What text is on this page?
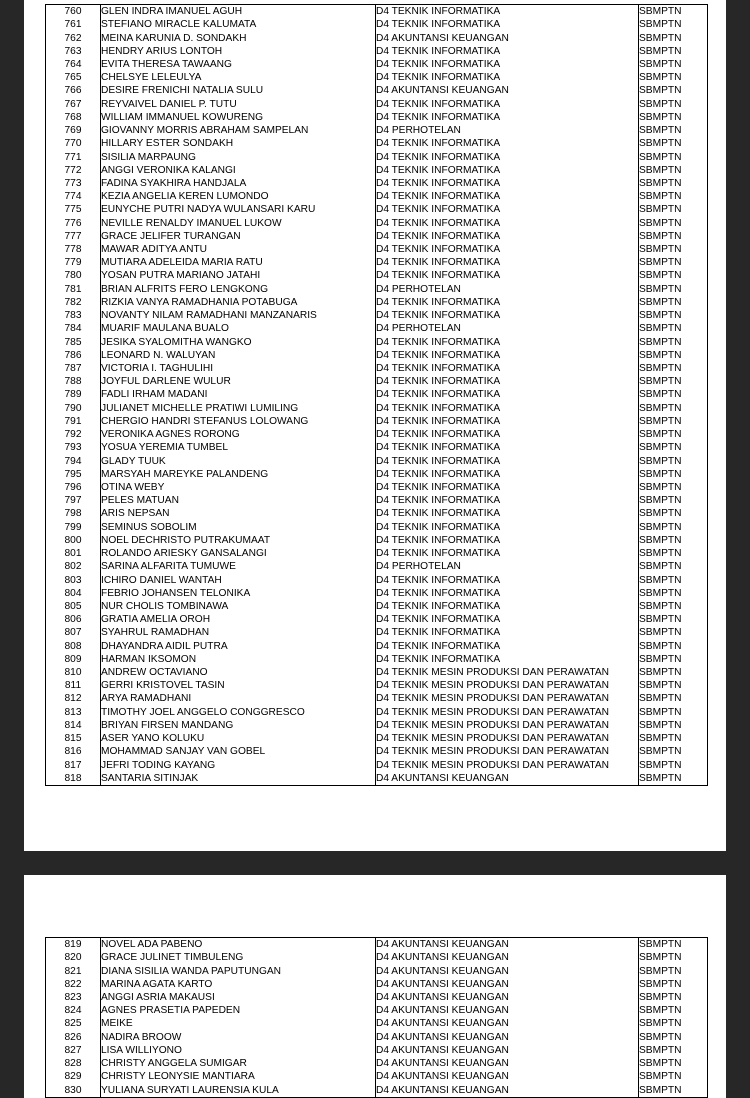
760	GLEN INDRA IMANUEL AGUH	D4 TEKNIK INFORMATIKA	SBMPTN
761	STEFIANO MIRACLE KALUMATA	D4 TEKNIK INFORMATIKA	SBMPTN
762	MEINA KARUNIA D. SONDAKH	D4 AKUNTANSI KEUANGAN	SBMPTN
763	HENDRY ARIUS LONTOH	D4 TEKNIK INFORMATIKA	SBMPTN
764	EVITA THERESA TAWAANG	D4 TEKNIK INFORMATIKA	SBMPTN
765	CHELSYE LELEULYA	D4 TEKNIK INFORMATIKA	SBMPTN
766	DESIRE FRENICHI NATALIA SULU	D4 AKUNTANSI KEUANGAN	SBMPTN
767	REYVAIVEL DANIEL P. TUTU	D4 TEKNIK INFORMATIKA	SBMPTN
768	WILLIAM IMMANUEL KOWURENG	D4 TEKNIK INFORMATIKA	SBMPTN
769	GIOVANNY MORRIS ABRAHAM SAMPELAN	D4 PERHOTELAN	SBMPTN
770	HILLARY ESTER SONDAKH	D4 TEKNIK INFORMATIKA	SBMPTN
771	SISILIA MARPAUNG	D4 TEKNIK INFORMATIKA	SBMPTN
772	ANGGI VERONIKA KALANGI	D4 TEKNIK INFORMATIKA	SBMPTN
773	FADINA SYAKHIRA HANDJALA	D4 TEKNIK INFORMATIKA	SBMPTN
774	KEZIA ANGELIA KEREN LUMONDO	D4 TEKNIK INFORMATIKA	SBMPTN
775	EUNYCHE PUTRI NADYA WULANSARI KARU	D4 TEKNIK INFORMATIKA	SBMPTN
776	NEVILLE RENALDY IMANUEL LUKOW	D4 TEKNIK INFORMATIKA	SBMPTN
777	GRACE JELIFER TURANGAN	D4 TEKNIK INFORMATIKA	SBMPTN
778	MAWAR ADITYA ANTU	D4 TEKNIK INFORMATIKA	SBMPTN
779	MUTIARA ADELEIDA MARIA RATU	D4 TEKNIK INFORMATIKA	SBMPTN
780	YOSAN PUTRA MARIANO JATAHI	D4 TEKNIK INFORMATIKA	SBMPTN
781	BRIAN ALFRITS FERO LENGKONG	D4 PERHOTELAN	SBMPTN
782	RIZKIA VANYA RAMADHANIA POTABUGA	D4 TEKNIK INFORMATIKA	SBMPTN
783	NOVANTY NILAM RAMADHANI MANZANARIS	D4 TEKNIK INFORMATIKA	SBMPTN
784	MUARIF MAULANA BUALO	D4 PERHOTELAN	SBMPTN
785	JESIKA SYALOMITHA WANGKO	D4 TEKNIK INFORMATIKA	SBMPTN
786	LEONARD N. WALUYAN	D4 TEKNIK INFORMATIKA	SBMPTN
787	VICTORIA I. TAGHULIHI	D4 TEKNIK INFORMATIKA	SBMPTN
788	JOYFUL DARLENE WULUR	D4 TEKNIK INFORMATIKA	SBMPTN
789	FADLI IRHAM MADANI	D4 TEKNIK INFORMATIKA	SBMPTN
790	JULIANET MICHELLE PRATIWI LUMILING	D4 TEKNIK INFORMATIKA	SBMPTN
791	CHERGIO HANDRI STEFANUS LOLOWANG	D4 TEKNIK INFORMATIKA	SBMPTN
792	VERONIKA AGNES RORONG	D4 TEKNIK INFORMATIKA	SBMPTN
793	YOSUA YEREMIA TUMBEL	D4 TEKNIK INFORMATIKA	SBMPTN
794	GLADY TUUK	D4 TEKNIK INFORMATIKA	SBMPTN
795	MARSYAH MAREYKE PALANDENG	D4 TEKNIK INFORMATIKA	SBMPTN
796	OTINA WEBY	D4 TEKNIK INFORMATIKA	SBMPTN
797	PELES MATUAN	D4 TEKNIK INFORMATIKA	SBMPTN
798	ARIS NEPSAN	D4 TEKNIK INFORMATIKA	SBMPTN
799	SEMINUS SOBOLIM	D4 TEKNIK INFORMATIKA	SBMPTN
800	NOEL DECHRISTO PUTRAKUMAAT	D4 TEKNIK INFORMATIKA	SBMPTN
801	ROLANDO ARIESKY GANSALANGI	D4 TEKNIK INFORMATIKA	SBMPTN
802	SARINA ALFARITA TUMUWE	D4 PERHOTELAN	SBMPTN
803	ICHIRO DANIEL WANTAH	D4 TEKNIK INFORMATIKA	SBMPTN
804	FEBRIO JOHANSEN TELONIKA	D4 TEKNIK INFORMATIKA	SBMPTN
805	NUR CHOLIS TOMBINAWA	D4 TEKNIK INFORMATIKA	SBMPTN
806	GRATIA AMELIA OROH	D4 TEKNIK INFORMATIKA	SBMPTN
807	SYAHRUL RAMADHAN	D4 TEKNIK INFORMATIKA	SBMPTN
808	DHAYANDRA AIDIL PUTRA	D4 TEKNIK INFORMATIKA	SBMPTN
809	HARMAN IKSOMON	D4 TEKNIK INFORMATIKA	SBMPTN
810	ANDREW OCTAVIANO	D4 TEKNIK MESIN PRODUKSI DAN PERAWATAN	SBMPTN
811	GERRI KRISTOVEL TASIN	D4 TEKNIK MESIN PRODUKSI DAN PERAWATAN	SBMPTN
812	ARYA RAMADHANI	D4 TEKNIK MESIN PRODUKSI DAN PERAWATAN	SBMPTN
813	TIMOTHY JOEL ANGGELO CONGGRESCO	D4 TEKNIK MESIN PRODUKSI DAN PERAWATAN	SBMPTN
814	BRIYAN FIRSEN MANDANG	D4 TEKNIK MESIN PRODUKSI DAN PERAWATAN	SBMPTN
815	ASER YANO KOLUKU	D4 TEKNIK MESIN PRODUKSI DAN PERAWATAN	SBMPTN
816	MOHAMMAD SANJAY VAN GOBEL	D4 TEKNIK MESIN PRODUKSI DAN PERAWATAN	SBMPTN
817	JEFRI TODING KAYANG	D4 TEKNIK MESIN PRODUKSI DAN PERAWATAN	SBMPTN
818	SANTARIA SITINJAK	D4 AKUNTANSI KEUANGAN	SBMPTN
819	NOVEL ADA PABENO	D4 AKUNTANSI KEUANGAN	SBMPTN
820	GRACE JULINET TIMBULENG	D4 AKUNTANSI KEUANGAN	SBMPTN
821	DIANA SISILIA WANDA PAPUTUNGAN	D4 AKUNTANSI KEUANGAN	SBMPTN
822	MARINA AGATA KARTO	D4 AKUNTANSI KEUANGAN	SBMPTN
823	ANGGI ASRIA MAKAUSI	D4 AKUNTANSI KEUANGAN	SBMPTN
824	AGNES PRASETIA PAPEDEN	D4 AKUNTANSI KEUANGAN	SBMPTN
825	MEIKE	D4 AKUNTANSI KEUANGAN	SBMPTN
826	NADIRA BROOW	D4 AKUNTANSI KEUANGAN	SBMPTN
827	LISA WILLIYONO	D4 AKUNTANSI KEUANGAN	SBMPTN
828	CHRISTY ANGGELA SUMIGAR	D4 AKUNTANSI KEUANGAN	SBMPTN
829	CHRISTY LEONYSIE MANTIARA	D4 AKUNTANSI KEUANGAN	SBMPTN
830	YULIANA SURYATI LAURENSIA KULA	D4 AKUNTANSI KEUANGAN	SBMPTN
